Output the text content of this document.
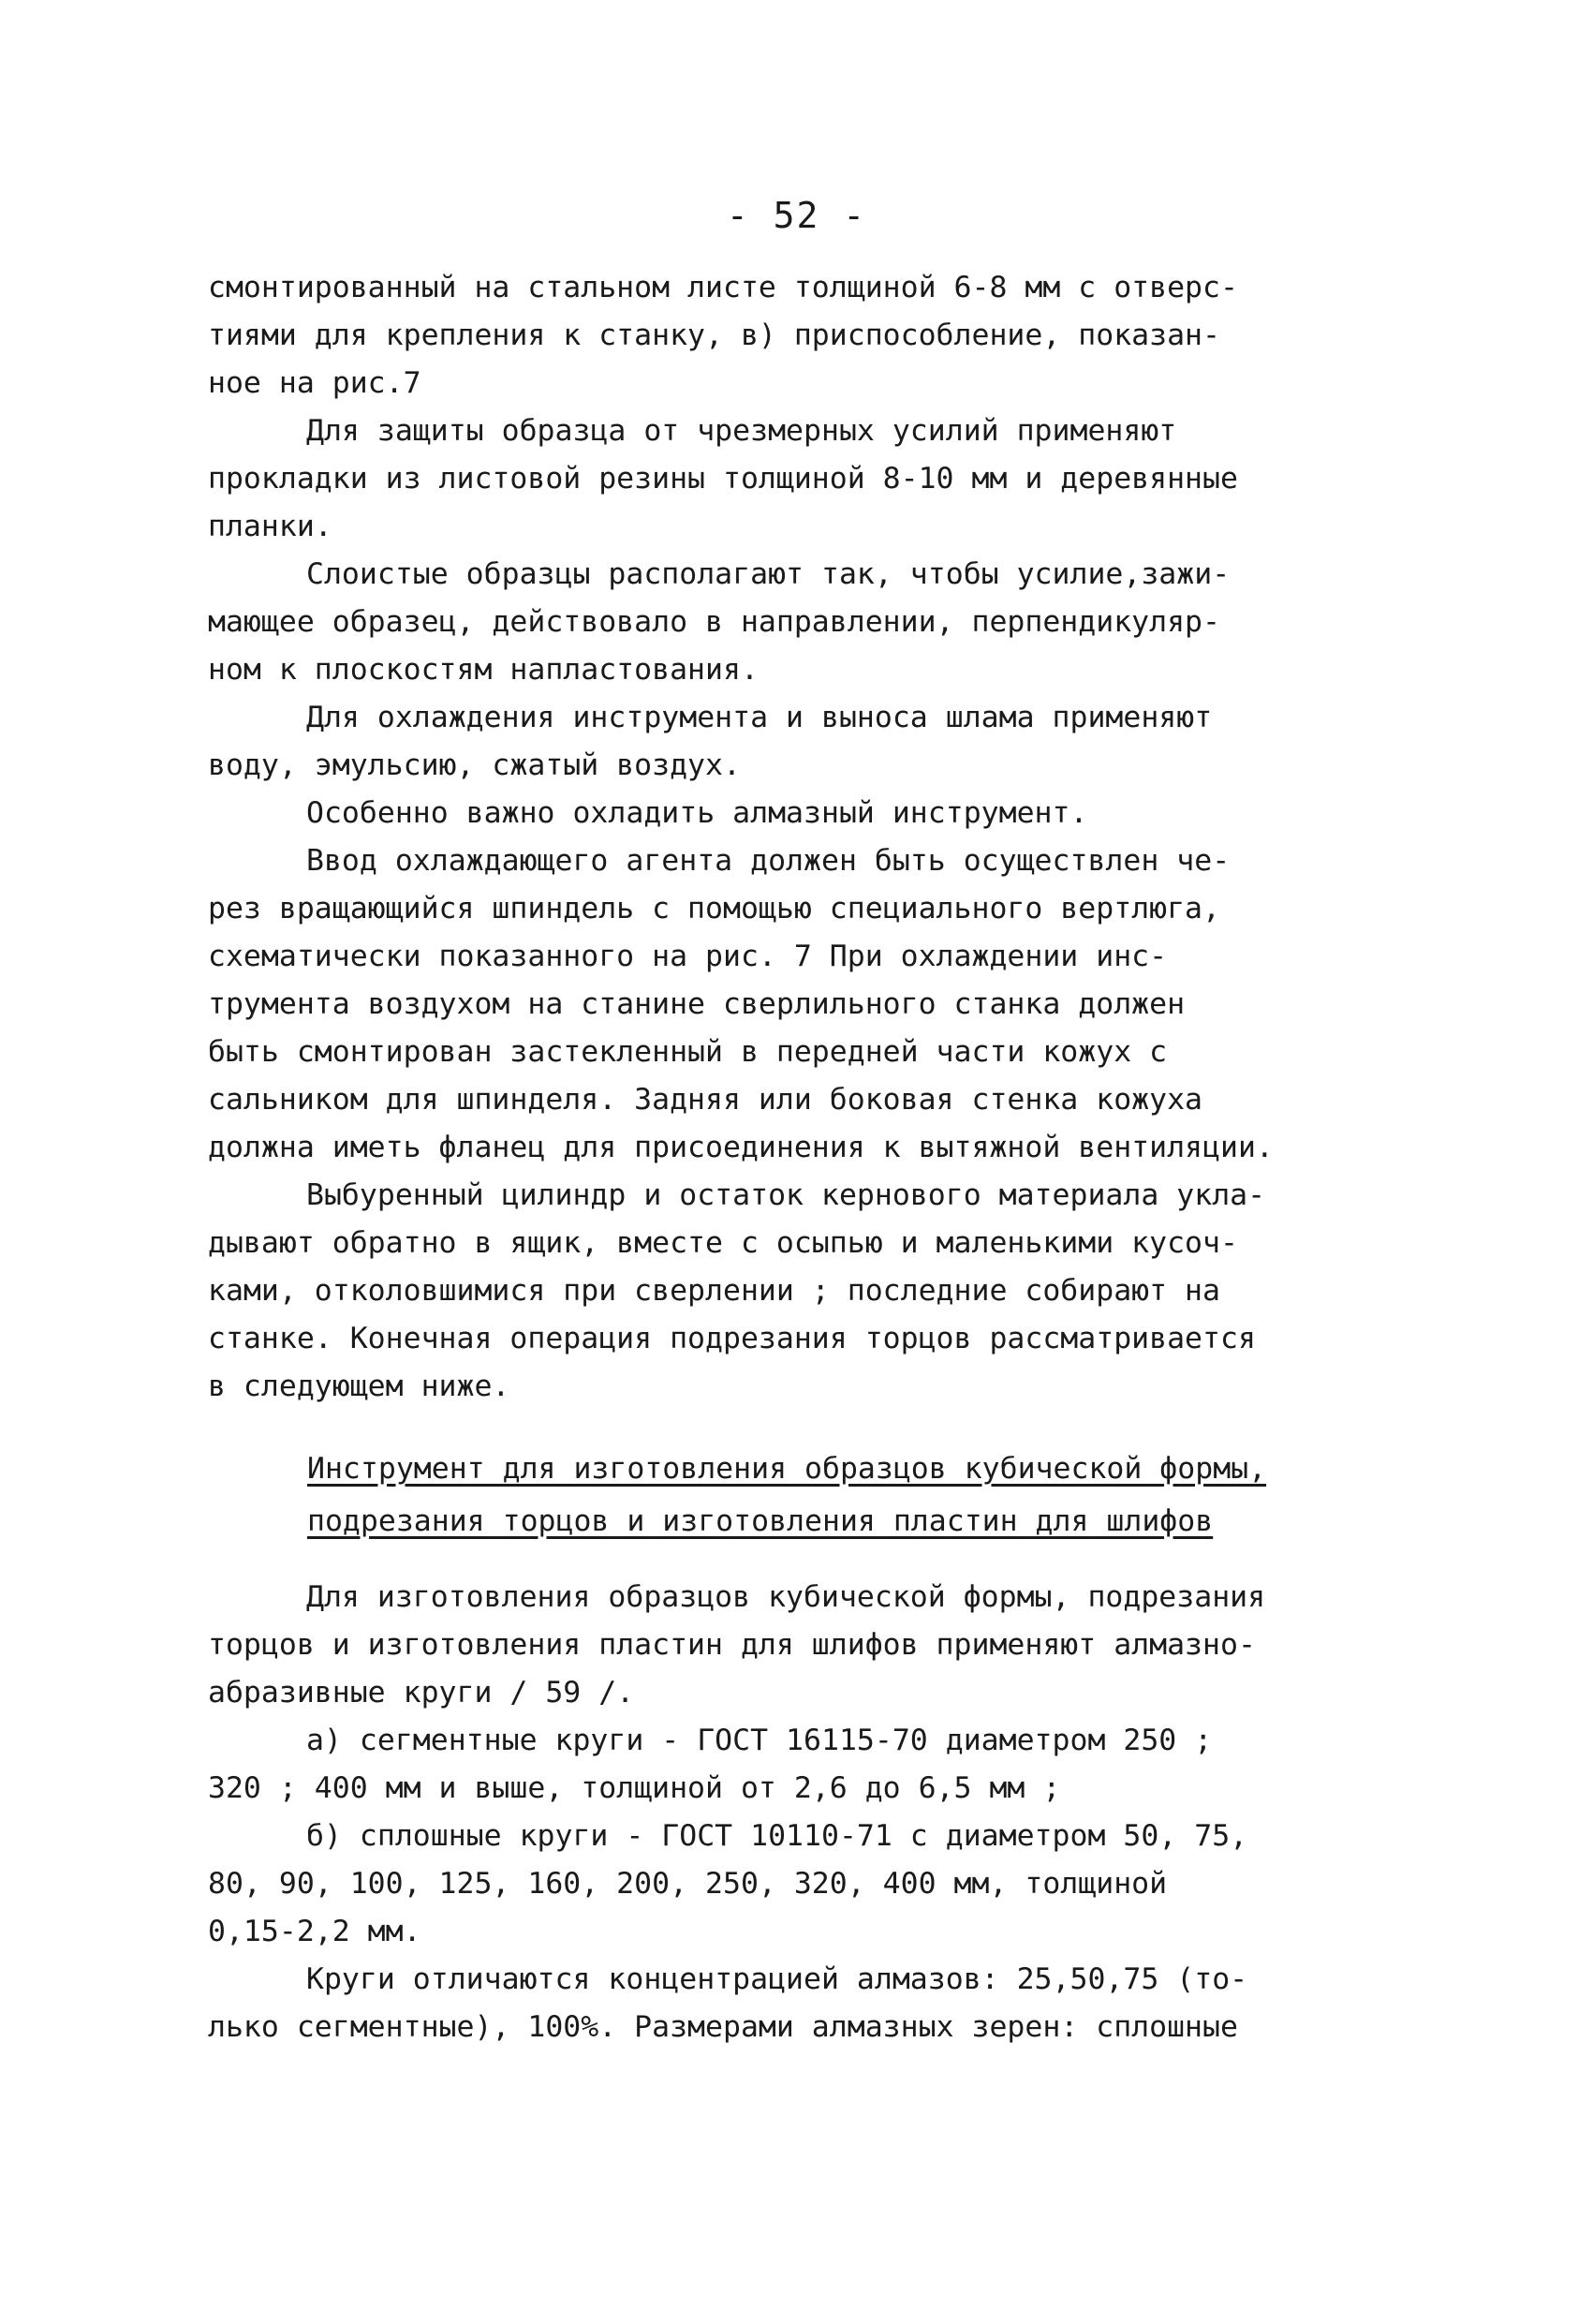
- 52 -
смонтированный на стальном листе толщиной 6-8 мм с отверс-
тиями для крепления к станку, в) приспособление, показан-
ное на рис.7
Для защиты образца от чрезмерных усилий применяют
прокладки из листовой резины толщиной 8-10 мм и деревянные
планки.
Слоистые образцы располагают так, чтобы усилие,зажи-
мающее образец, действовало в направлении, перпендикуляр-
ном к плоскостям напластования.
Для охлаждения инструмента и выноса шлама применяют
воду, эмульсию, сжатый воздух.
Особенно важно охладить алмазный инструмент.
Ввод охлаждающего агента должен быть осуществлен че-
рез вращающийся шпиндель с помощью специального вертлюга,
схематически показанного на рис. 7 При охлаждении инс-
трумента воздухом на станине сверлильного станка должен
быть смонтирован застекленный в передней части кожух с
сальником для шпинделя. Задняя или боковая стенка кожуха
должна иметь фланец для присоединения к вытяжной вентиляции.
Выбуренный цилиндр и остаток кернового материала укла-
дывают обратно в ящик, вместе с осыпью и маленькими кусоч-
ками, отколовшимися при сверлении ; последние собирают на
станке. Конечная операция подрезания торцов рассматривается
в следующем ниже.
Инструмент для изготовления образцов кубической формы,
подрезания торцов и изготовления пластин для шлифов
Для изготовления образцов кубической формы, подрезания
торцов и изготовления пластин для шлифов применяют алмазно-
абразивные круги / 59 /.
а) сегментные круги - ГОСТ 16115-70 диаметром 250 ;
320 ; 400 мм и выше, толщиной от 2,6 до 6,5 мм ;
б) сплошные круги - ГОСТ 10110-71 с диаметром 50, 75,
80, 90, 100, 125, 160, 200, 250, 320, 400 мм, толщиной
0,15-2,2 мм.
Круги отличаются концентрацией алмазов: 25,50,75 (то-
лько сегментные), 100%. Размерами алмазных зерен: сплошные
